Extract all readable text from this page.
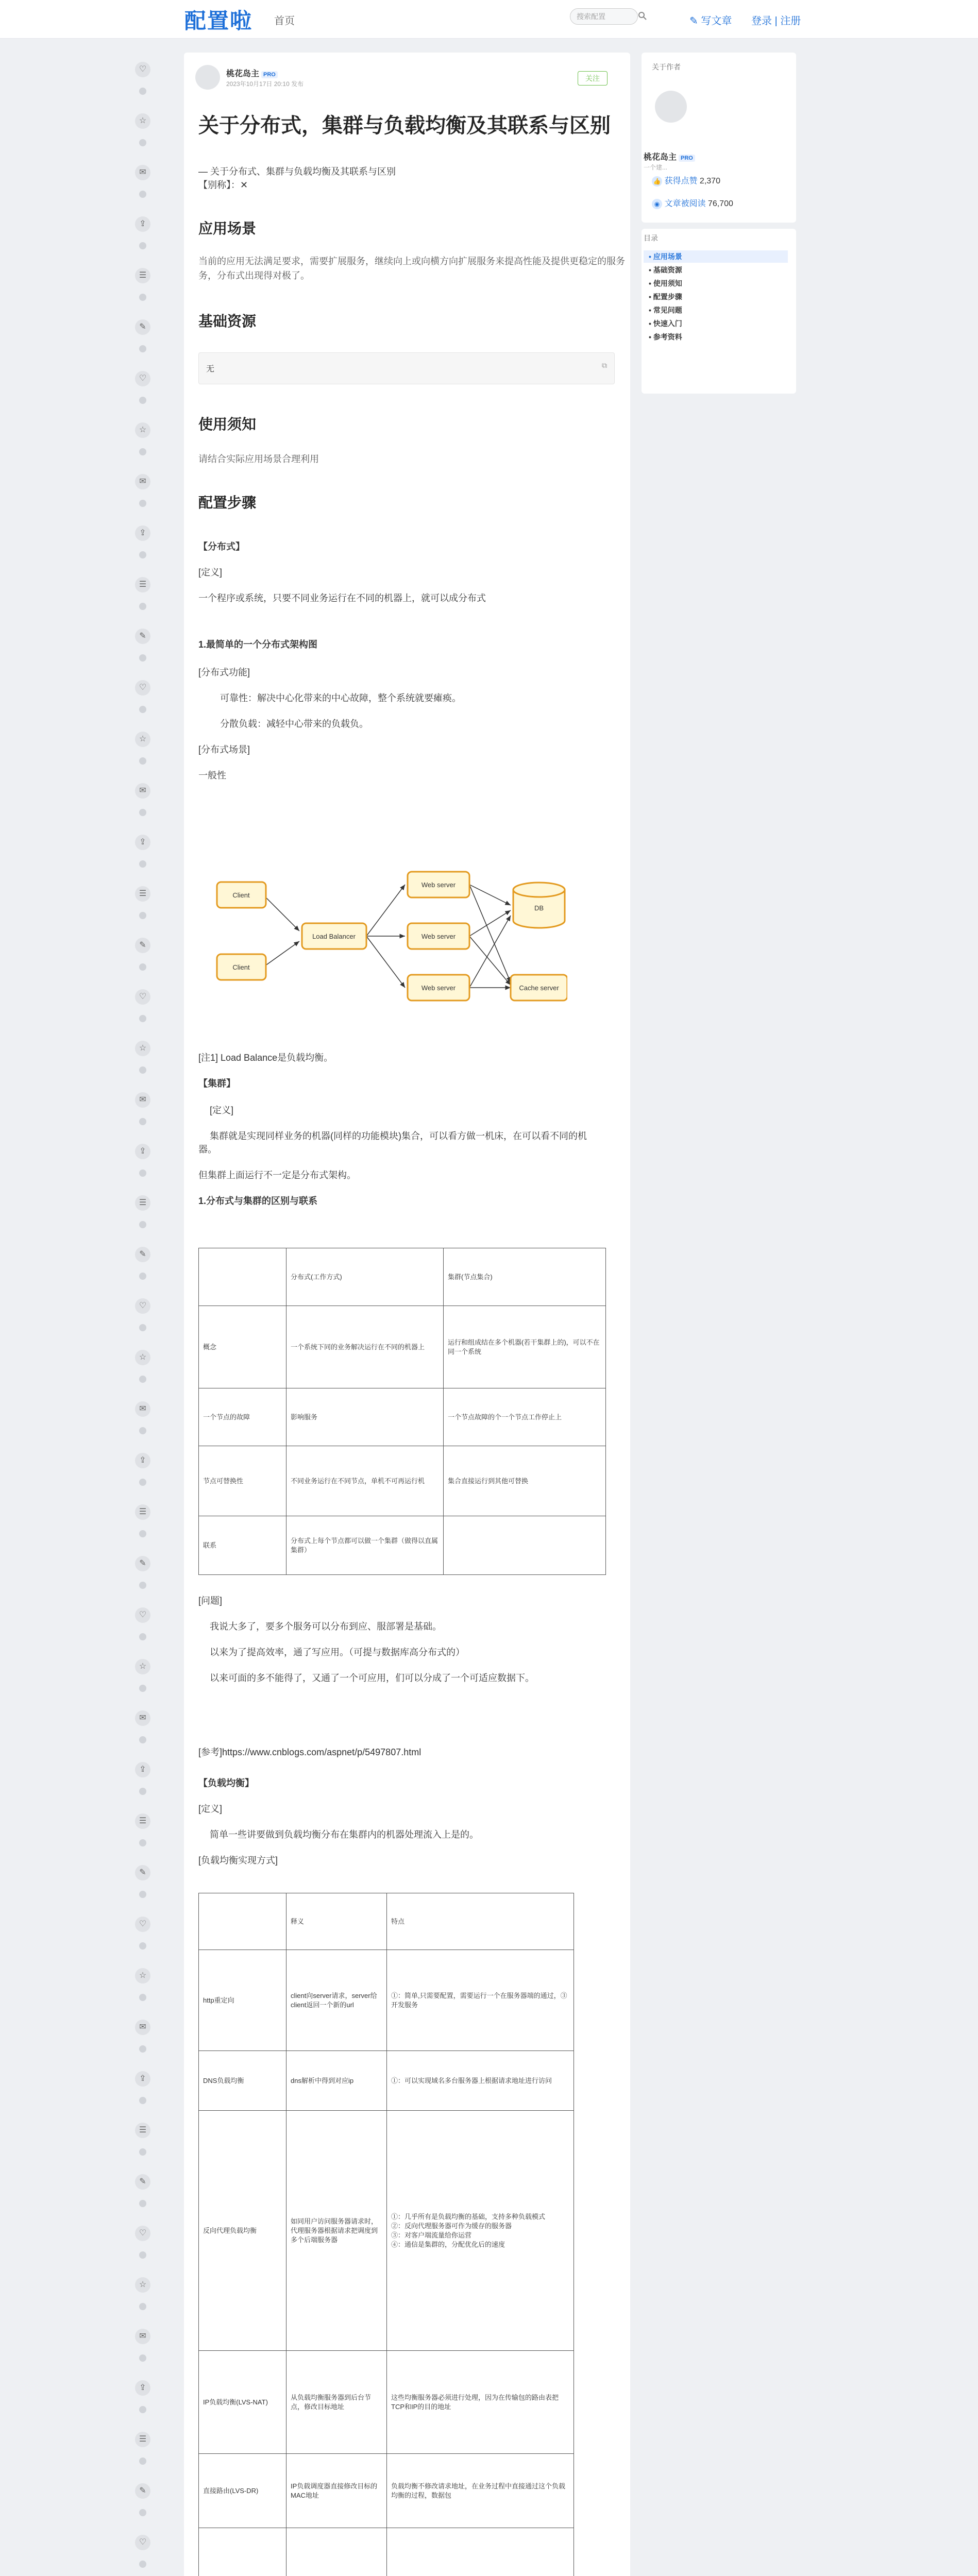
配置啦 首页	搜索配置	✎ 写文章 登录 | 注册
♡
☆
✉
⇪
☰
✎
♡
☆
✉
⇪
☰
✎
♡
☆
✉
⇪
☰
✎
♡
☆
✉
⇪
☰
✎
♡
☆
✉
⇪
☰
✎
♡
☆
✉
⇪
☰
✎
♡
☆
✉
⇪
☰
✎
♡
☆
✉
⇪
☰
✎
♡
桃花岛主 PRO
2023年10月17日 20:10 发布
关注
关于分布式，集群与负载均衡及其联系与区别
— 关于分布式、集群与负载均衡及其联系与区别
【别称】：✕
应用场景
当前的应用无法满足要求，需要扩展服务，继续向上或向横方向扩展服务来提高性能及提供更稳定的服务
务，分布式出现得对极了。
基础资源
无	⧉
使用须知
请结合实际应用场景合理利用
配置步骤
【分布式】
[定义]
一个程序或系统，只要不同业务运行在不同的机器上，就可以成分布式
1.最简单的一个分布式架构图
[分布式功能]
可靠性：解决中心化带来的中心故障，整个系统就要瘫痪。
分散负载：减轻中心带来的负载负。
[分布式场景]
一般性
Client
Client
Load Balancer
Web server
Web server
Web server
DB
Cache server
[注1] Load Balance是负载均衡。
【集群】
[定义]
集群就是实现同样业务的机器(同样的功能模块)集合，可以看方做一机床，在可以看不同的机
器。
但集群上面运行不一定是分布式架构。
1.分布式与集群的区别与联系
	分布式(工作方式)	集群(节点集合)
概念	一个系统下同的业务解决运行在不同的机器上	运行和组成结在多个机器(若干集群上的)，可以不在同一个系统
一个节点的故障	影响服务	一个节点故障的个一个节点工作停止上
节点可替换性	不同业务运行在不同节点，单机不可再运行机	集合直接运行到其他可替换
联系	分布式上每个节点都可以做一个集群（做得以直属集群）	
[问题]
我说大多了，要多个服务可以分布到应、服部署是基础。
以来为了提高效率，通了写应用。（可提与数据库高分布式的）
以来可面的多不能得了，又通了一个可应用，们可以分成了一个可适应数据下。
[参考]https://www.cnblogs.com/aspnet/p/5497807.html
【负载均衡】
[定义]
简单一些讲要做到负载均衡分布在集群内的机器处理流入上是的。
[负载均衡实现方式]
	释义	特点
http重定向	client向server请求，server给client返回一个新的url	①：简单,只需要配置，需要运行一个在服务器端的通过，③ 开发服务
DNS负载均衡	dns解析中得到对应ip	①：可以实现域名多台服务器上根据请求地址进行访问
反向代理负载均衡	如同用户访问服务器请求时，代理服务器根据请求把调度到多个后端服务器	①：几乎所有是负载均衡的基础，支持多种负载模式
②：反向代理服务器可作为缓存的服务器
③：对客户端流量给你运营
④：通信是集群的，分配优化后的速度
IP负载均衡(LVS-NAT)	从负载均衡服务器到后台节点，修改目标地址	这些均衡服务器必须进行处理，因为在传输包的路由表把TCP和IP的目的地址
直接路由(LVS-DR)	IP负载调度器直接修改目标的MAC地址	负载均衡不修改请求地址，在业务过程中直接通过这个负载均衡的过程，数据包

关于作者
桃花岛主 PRO
一个建...
👍 获得点赞 2,370
◉ 文章被阅读 76,700
目录
• 应用场景
• 基础资源
• 使用须知
• 配置步骤
• 常见问题
• 快速入门
• 参考资料
